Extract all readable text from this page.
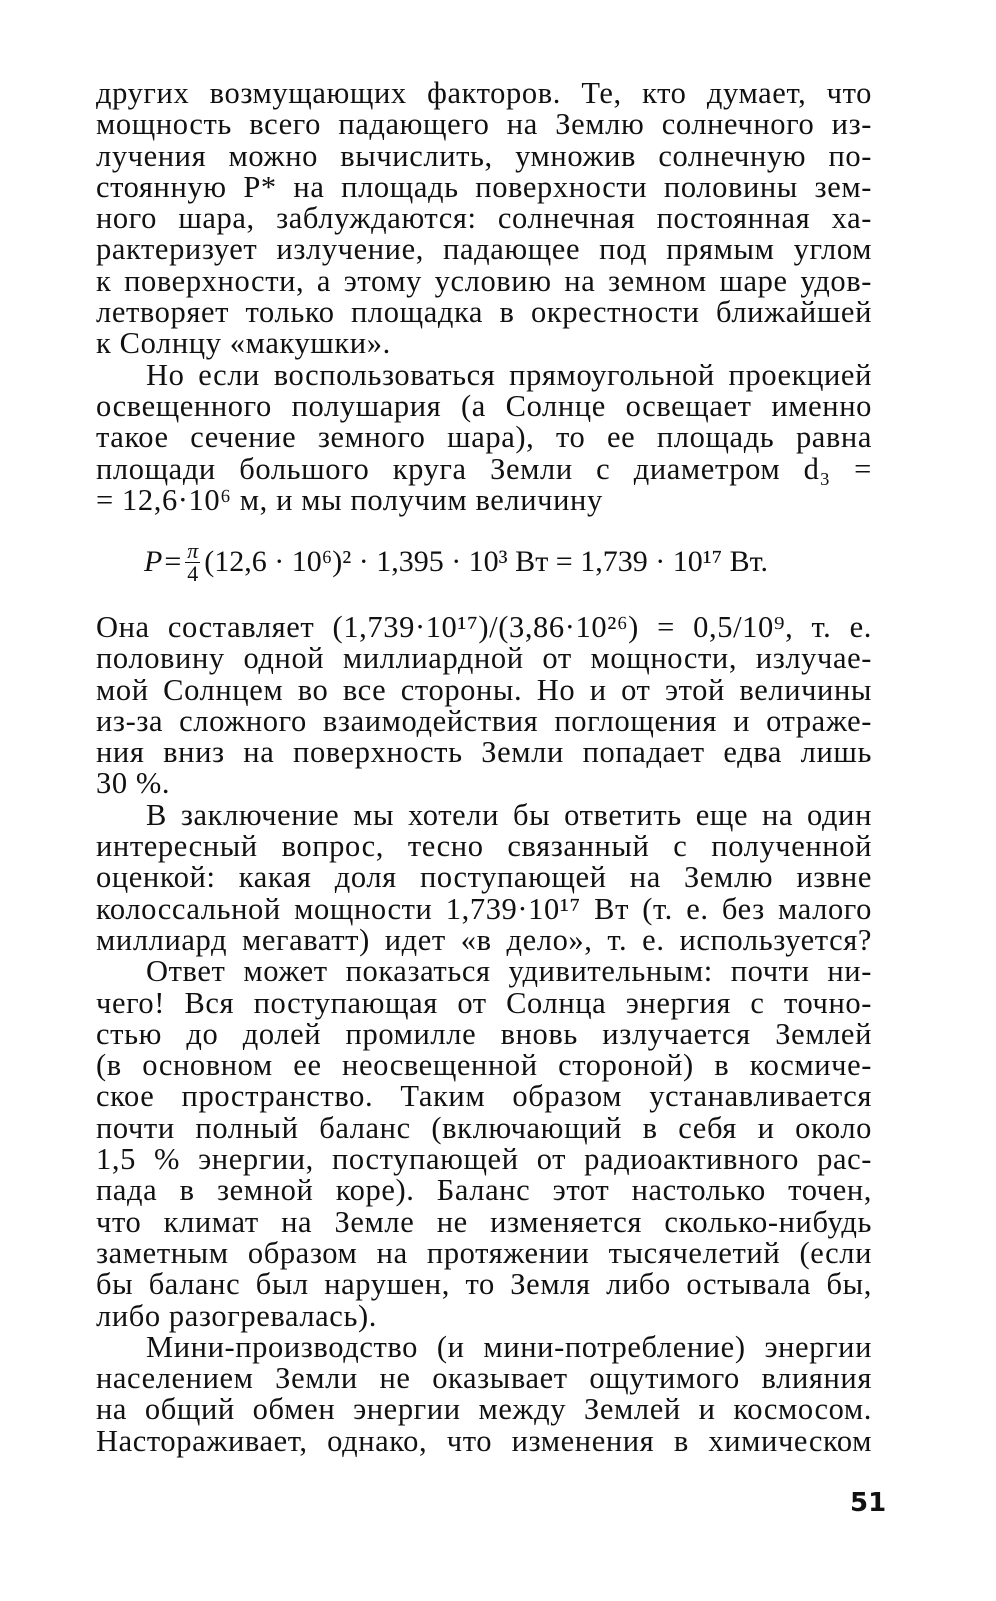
других возмущающих факторов. Те, кто думает, что
мощность всего падающего на Землю солнечного из-
лучения можно вычислить, умножив солнечную по-
стоянную P* на площадь поверхности половины зем-
ного шара, заблуждаются: солнечная постоянная ха-
рактеризует излучение, падающее под прямым углом
к поверхности, а этому условию на земном шаре удов-
летворяет только площадка в окрестности ближайшей
к Солнцу «макушки».
Но если воспользоваться прямоугольной проекцией
освещенного полушария (а Солнце освещает именно
такое сечение земного шара), то ее площадь равна
площади большого круга Земли с диаметром d₃ =
= 12,6·10⁶ м, и мы получим величину
$P = \frac{\pi}{4} (12,6 \cdot 10^6)^2 \cdot 1,395 \cdot 10^3$ Вт = 1,739 · 10¹⁷ Вт.
Она составляет (1,739·10¹⁷)/(3,86·10²⁶) = 0,5/10⁹, т. е.
половину одной миллиардной от мощности, излучае-
мой Солнцем во все стороны. Но и от этой величины
из-за сложного взаимодействия поглощения и отраже-
ния вниз на поверхность Земли попадает едва лишь
30 %.
В заключение мы хотели бы ответить еще на один
интересный вопрос, тесно связанный с полученной
оценкой: какая доля поступающей на Землю извне
колоссальной мощности 1,739·10¹⁷ Вт (т. е. без малого
миллиард мегаватт) идет «в дело», т. е. используется?
Ответ может показаться удивительным: почти ни-
чего! Вся поступающая от Солнца энергия с точно-
стью до долей промилле вновь излучается Землей
(в основном ее неосвещенной стороной) в космиче-
ское пространство. Таким образом устанавливается
почти полный баланс (включающий в себя и около
1,5 % энергии, поступающей от радиоактивного рас-
пада в земной коре). Баланс этот настолько точен,
что климат на Земле не изменяется сколько-нибудь
заметным образом на протяжении тысячелетий (если
бы баланс был нарушен, то Земля либо остывала бы,
либо разогревалась).
Мини-производство (и мини-потребление) энергии
населением Земли не оказывает ощутимого влияния
на общий обмен энергии между Землей и космосом.
Настораживает, однако, что изменения в химическом
51
